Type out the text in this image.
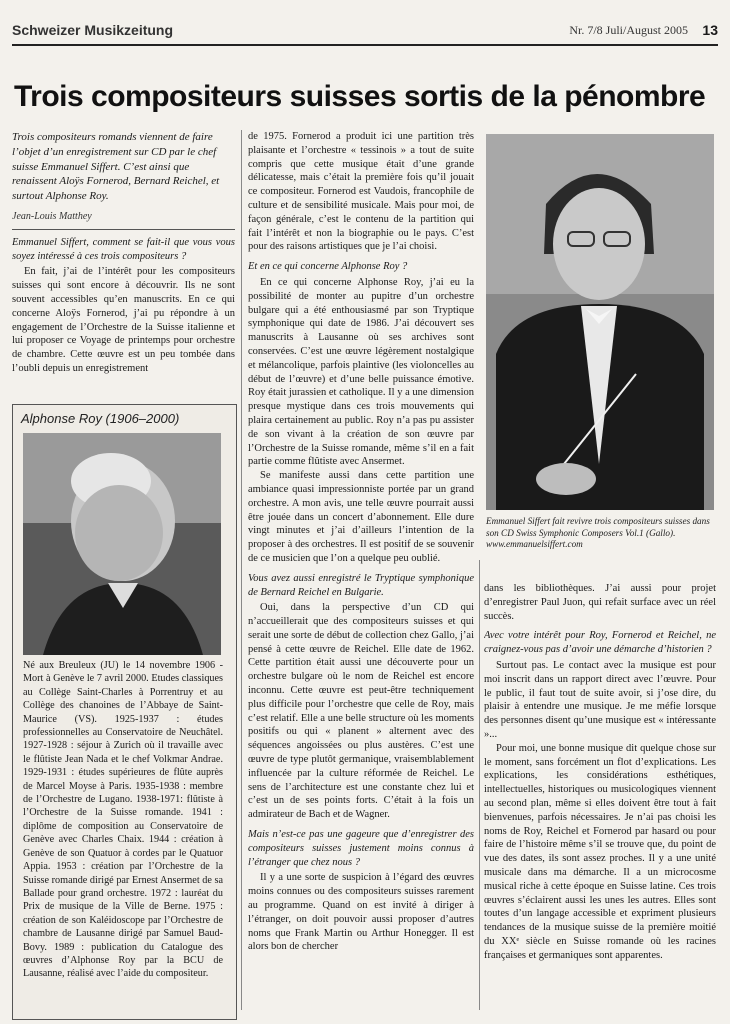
Schweizer Musikzeitung	Nr. 7/8 Juli/August 2005 13
Trois compositeurs suisses sortis de la pénombre

Trois compositeurs romands viennent de faire l’objet d’un enregistrement sur CD par le chef suisse Emmanuel Siffert. C’est ainsi que renaissent Aloÿs Fornerod, Bernard Reichel, et surtout Alphonse Roy.

Jean-Louis Matthey

Emmanuel Siffert, comment se fait-il que vous vous soyez intéressé à ces trois compositeurs ?

En fait, j’ai de l’intérêt pour les compositeurs suisses qui sont encore à découvrir. Ils ne sont souvent accessibles qu’en manuscrits. En ce qui concerne Aloÿs Fornerod, j’ai pu répondre à un engagement de l’Orchestre de la Suisse italienne et lui proposer ce Voyage de printemps pour orchestre de chambre. Cette œuvre est un peu tombée dans l’oubli depuis un enregistrement

Alphonse Roy (1906–2000)
Né aux Breuleux (JU) le 14 novembre 1906 - Mort à Genève le 7 avril 2000. Etudes classiques au Collège Saint-Charles à Porrentruy et au Collège des chanoines de l’Abbaye de Saint-Maurice (VS). 1925-1937 : études professionnelles au Conservatoire de Neuchâtel. 1927-1928 : séjour à Zurich où il travaille avec le flûtiste Jean Nada et le chef Volkmar Andrae. 1929-1931 : études supérieures de flûte auprès de Marcel Moyse à Paris. 1935-1938 : membre de l’Orchestre de Lugano. 1938-1971: flûtiste à l’Orchestre de la Suisse romande. 1941 : diplôme de composition au Conservatoire de Genève avec Charles Chaix. 1944 : création à Genève de son Quatuor à cordes par le Quatuor Appia. 1953 : création par l’Orchestre de la Suisse romande dirigé par Ernest Ansermet de sa Ballade pour grand orchestre. 1972 : lauréat du Prix de musique de la Ville de Berne. 1975 : création de son Kaléidoscope par l’Orchestre de chambre de Lausanne dirigé par Samuel Baud-Bovy. 1989 : publication du Catalogue des œuvres d’Alphonse Roy par la BCU de Lausanne, réalisé avec l’aide du compositeur.

de 1975. Fornerod a produit ici une partition très plaisante et l’orchestre « tessinois » a tout de suite compris que cette musique était d’une grande délicatesse, mais c’était la première fois qu’il jouait ce compositeur. Fornerod est Vaudois, francophile de culture et de sensibilité musicale. Mais pour moi, de façon générale, c’est le contenu de la partition qui fait l’intérêt et non la biographie ou le pays. C’est pour des raisons artistiques que je l’ai choisi.

Et en ce qui concerne Alphonse Roy ?

En ce qui concerne Alphonse Roy, j’ai eu la possibilité de monter au pupitre d’un orchestre bulgare qui a été enthousiasmé par son Tryptique symphonique qui date de 1986. J’ai découvert ses manuscrits à Lausanne où ses archives sont conservées. C’est une œuvre légèrement nostalgique et mélancolique, parfois plaintive (les violoncelles au début de l’œuvre) et d’une belle puissance émotive. Roy était jurassien et catholique. Il y a une dimension presque mystique dans ces trois mouvements qui plaira certainement au public. Roy n’a pas pu assister de son vivant à la création de son œuvre par l’Orchestre de la Suisse romande, même s’il en a fait partie comme flûtiste avec Ansermet.

Se manifeste aussi dans cette partition une ambiance quasi impressionniste portée par un grand orchestre. A mon avis, une telle œuvre pourrait aussi être jouée dans un concert d’abonnement. Elle dure vingt minutes et j’ai d’ailleurs l’intention de la proposer à des orchestres. Il est positif de se souvenir de ce musicien que l’on a quelque peu oublié.

Vous avez aussi enregistré le Tryptique symphonique de Bernard Reichel en Bulgarie.

Oui, dans la perspective d’un CD qui n’accueillerait que des compositeurs suisses et qui serait une sorte de début de collection chez Gallo, j’ai pensé à cette œuvre de Reichel. Elle date de 1962. Cette partition était aussi une découverte pour un orchestre bulgare où le nom de Reichel est encore inconnu. Cette œuvre est peut-être techniquement plus difficile pour l’orchestre que celle de Roy, mais c’est relatif. Elle a une belle structure où les moments positifs ou qui « planent » alternent avec des séquences angoissées ou plus austères. C’est une œuvre de type plutôt germanique, vraisemblablement influencée par la culture réformée de Reichel. Le sens de l’architecture est une constante chez lui et c’est un de ses points forts. C’était à la fois un admirateur de Bach et de Wagner.

Mais n’est-ce pas une gageure que d’enregistrer des compositeurs suisses justement moins connus à l’étranger que chez nous ?

Il y a une sorte de suspicion à l’égard des œuvres moins connues ou des compositeurs suisses rarement au programme. Quand on est invité à diriger à l’étranger, on doit pouvoir aussi proposer d’autres noms que Frank Martin ou Arthur Honegger. Il est alors bon de chercher

Emmanuel Siffert fait revivre trois compositeurs suisses dans son CD Swiss Symphonic Composers Vol.1 (Gallo). www.emmanuelsiffert.com

dans les bibliothèques. J’ai aussi pour projet d’enregistrer Paul Juon, qui refait surface avec un réel succès.

Avec votre intérêt pour Roy, Fornerod et Reichel, ne craignez-vous pas d’avoir une démarche d’historien ?

Surtout pas. Le contact avec la musique est pour moi inscrit dans un rapport direct avec l’œuvre. Pour le public, il faut tout de suite avoir, si j’ose dire, du plaisir à entendre une musique. Je me méfie lorsque des personnes disent qu’une musique est « intéressante »...

Pour moi, une bonne musique dit quelque chose sur le moment, sans forcément un flot d’explications. Les explications, les considérations esthétiques, intellectuelles, historiques ou musicologiques viennent au second plan, même si elles doivent être tout à fait bienvenues, parfois nécessaires. Je n’ai pas choisi les noms de Roy, Reichel et Fornerod par hasard ou pour faire de l’histoire même s’il se trouve que, du point de vue des dates, ils sont assez proches. Il y a une unité musicale dans ma démarche. Il a un microcosme musical riche à cette époque en Suisse latine. Ces trois œuvres s’éclairent aussi les unes les autres. Elles sont toutes d’un langage accessible et expriment plusieurs tendances de la musique suisse de la première moitié du XXᵉ siècle en Suisse romande où les racines françaises et germaniques sont apparentes.
